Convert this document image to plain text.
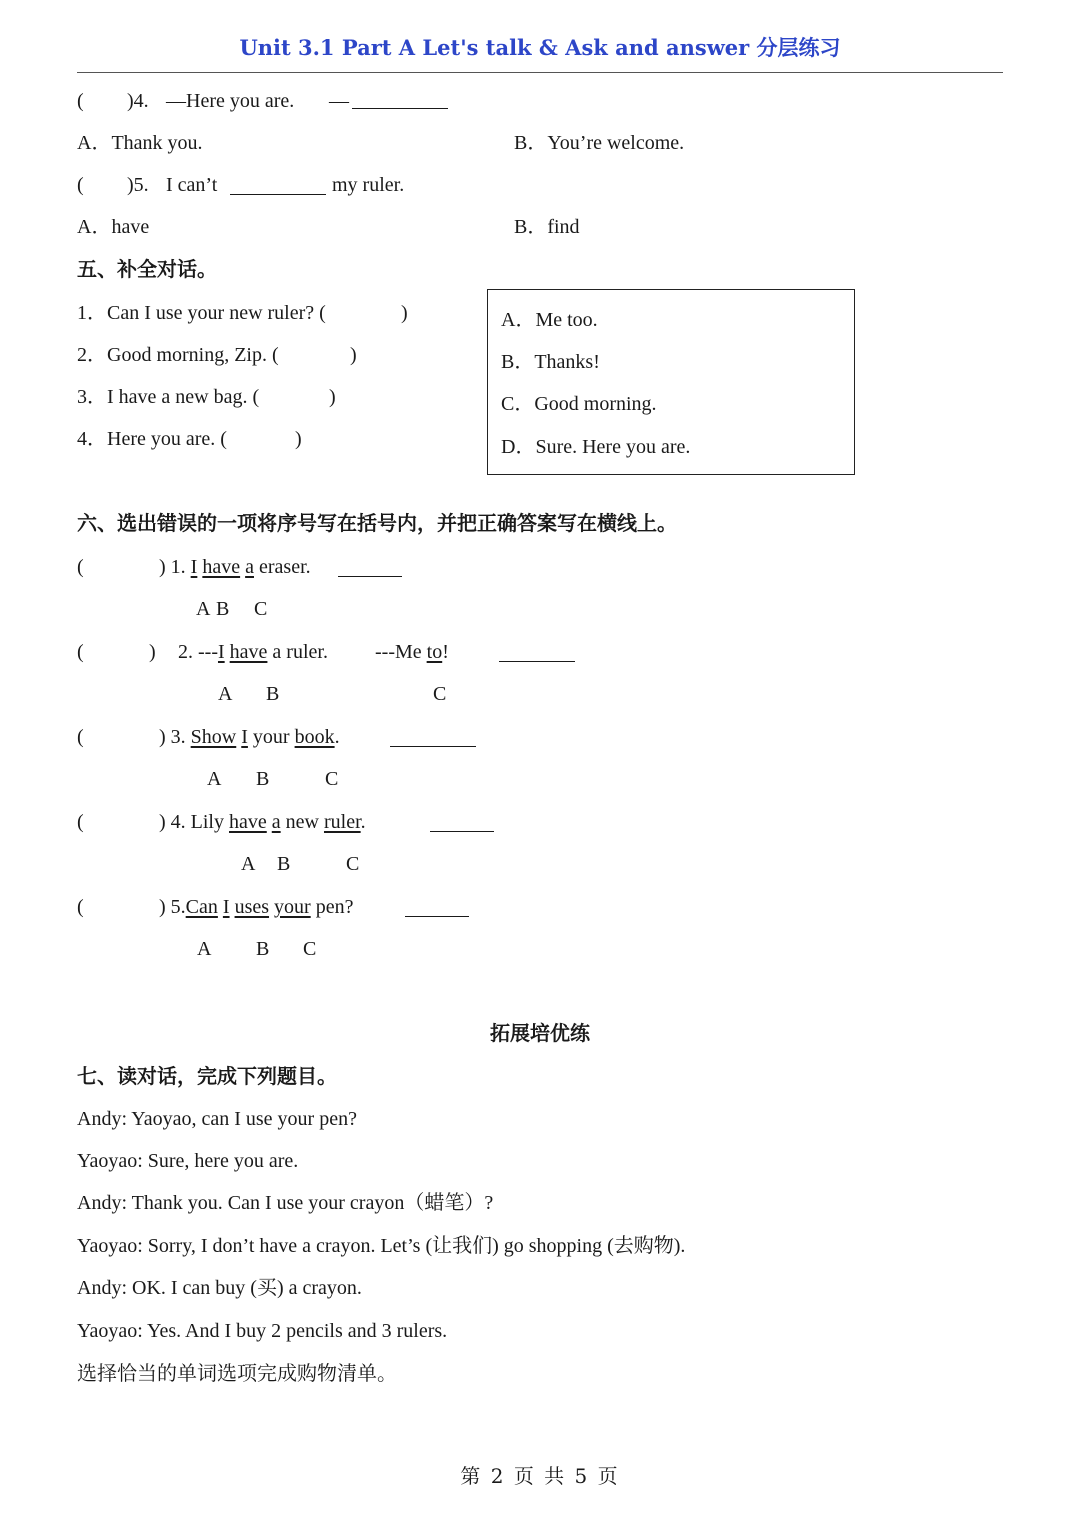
Unit 3.1 Part A Let's talk & Ask and answer 分层练习
( )4. —Here you are. —
A．Thank you.	B．You’re welcome.
( )5. I can’t	my ruler.
A．have	B．find
五、补全对话。
1．Can I use your new ruler? (	)
2．Good morning, Zip. (	)
3．I have a new bag. (	)
4．Here you are. (	)
A．Me too.
B．Thanks!
C．Good morning.
D．Sure. Here you are.
六、选出错误的一项将序号写在括号内，并把正确答案写在横线上。
(	) 1. I have a eraser.
A B C
(	) 2. ---I have a ruler. ---Me to!
A B	C
(	) 3. Show I your book.
A B	C
(	) 4. Lily have a new ruler.
A B	C
(	) 5.Can I uses your pen?
A B C
拓展培优练
七、读对话，完成下列题目。
Andy: Yaoyao, can I use your pen?
Yaoyao: Sure, here you are.
Andy: Thank you. Can I use your crayon（蜡笔）?
Yaoyao: Sorry, I don’t have a crayon. Let’s (让我们) go shopping (去购物).
Andy: OK. I can buy (买) a crayon.
Yaoyao: Yes. And I buy 2 pencils and 3 rulers.
选择恰当的单词选项完成购物清单。
第 2 页 共 5 页
